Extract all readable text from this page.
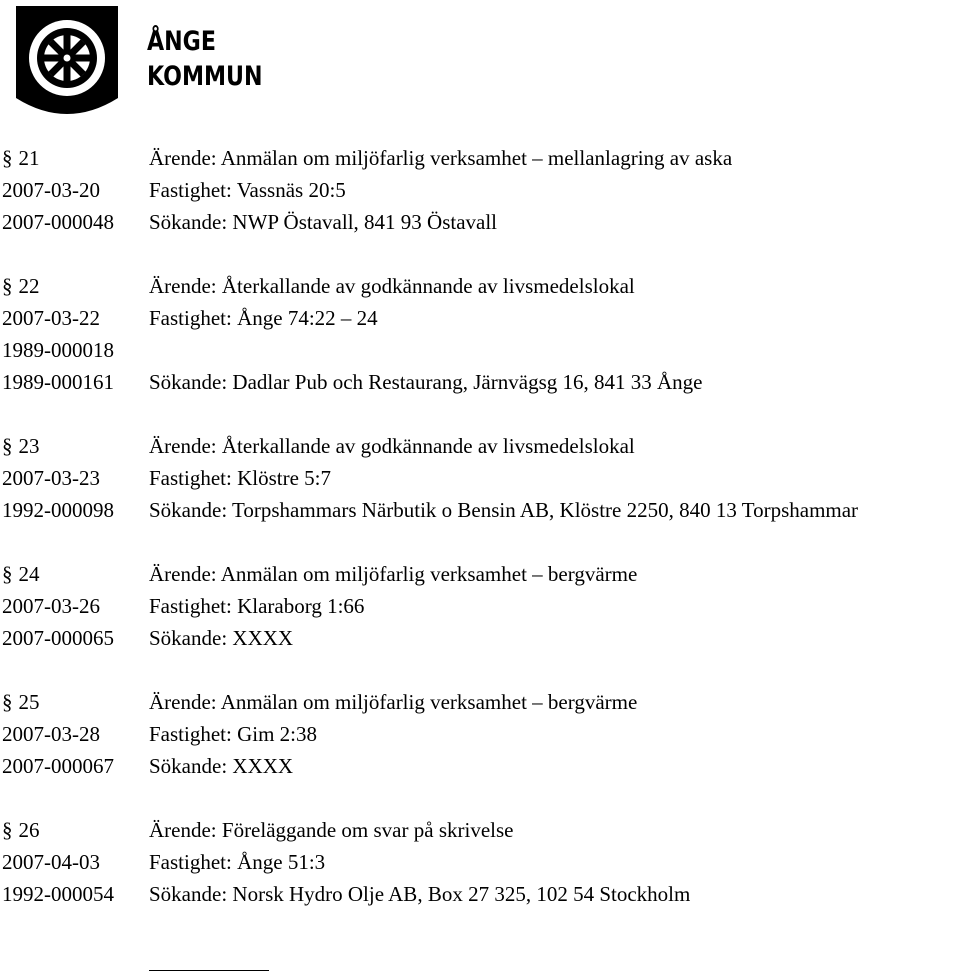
ÅNGE
KOMMUN
§ 21	Ärende: Anmälan om miljöfarlig verksamhet – mellanlagring av aska
2007-03-20 Fastighet: Vassnäs 20:5
2007-000048 Sökande: NWP Östavall, 841 93 Östavall
§ 22	Ärende: Återkallande av godkännande av livsmedelslokal
2007-03-22 Fastighet: Ånge 74:22 – 24
1989-000018
1989-000161 Sökande: Dadlar Pub och Restaurang, Järnvägsg 16, 841 33 Ånge
§ 23	Ärende: Återkallande av godkännande av livsmedelslokal
2007-03-23 Fastighet: Klöstre 5:7
1992-000098 Sökande: Torpshammars Närbutik o Bensin AB, Klöstre 2250, 840 13 Torpshammar
§ 24	Ärende: Anmälan om miljöfarlig verksamhet – bergvärme
2007-03-26 Fastighet: Klaraborg 1:66
2007-000065 Sökande: XXXX
§ 25	Ärende: Anmälan om miljöfarlig verksamhet – bergvärme
2007-03-28 Fastighet: Gim 2:38
2007-000067 Sökande: XXXX
§ 26	Ärende: Föreläggande om svar på skrivelse
2007-04-03 Fastighet: Ånge 51:3
1992-000054 Sökande: Norsk Hydro Olje AB, Box 27 325, 102 54 Stockholm
